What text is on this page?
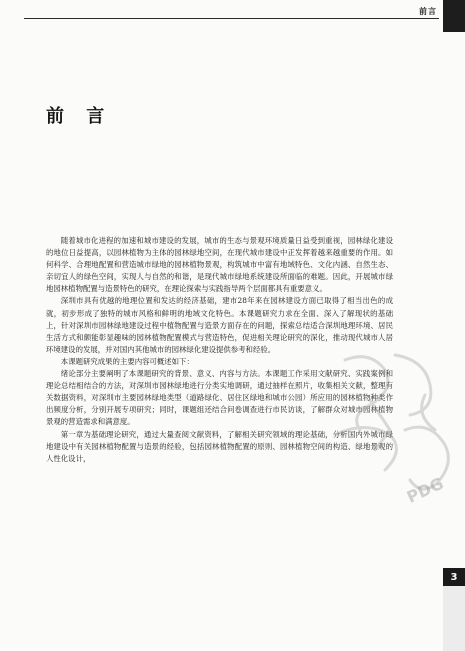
前言
前 言

随着城市化进程的加速和城市建设的发展，城市的生态与景观环境质量日益受到重视，园林绿化建设的地位日益提高，以园林植物为主体的园林绿地空间，在现代城市建设中正发挥着越来越重要的作用。如何科学、合理地配置和营造城市绿地的园林植物景观，构筑城市中富有地域特色、文化内涵、自然生态、亲切宜人的绿色空间，实现人与自然的和谐，是现代城市绿地系统建设所面临的难题。因此，开展城市绿地园林植物配置与造景特色的研究，在理论探索与实践指导两个层面都具有重要意义。

深圳市具有优越的地理位置和发达的经济基础，建市28年来在园林建设方面已取得了相当出色的成就，初步形成了独特的城市风格和鲜明的地域文化特色。本课题研究力求在全面、深入了解现状的基础上，针对深圳市园林绿地建设过程中植物配置与造景方面存在的问题，探索总结适合深圳地理环境、居民生活方式和颇能彰显趣味的园林植物配置模式与营造特色，促进相关理论研究的深化，推动现代城市人居环境建设的发展，并对国内其他城市的园林绿化建设提供参考和经验。

本课题研究成果的主要内容可概述如下：

绪论部分主要阐明了本课题研究的背景、意义、内容与方法。本课题工作采用文献研究、实践案例和理论总结相结合的方法，对深圳市园林绿地进行分类实地调研，通过抽样在照片，收集相关文献，整理有关数据资料，对深圳市主要园林绿地类型（道路绿化、居住区绿地和城市公园）所应用的园林植物种类作出频度分析，分别开展专项研究；同时，课题组还结合问卷调查进行市民访谈，了解群众对城市园林植物景观的营造需求和满意度。

第一章为基础理论研究，通过大量查阅文献资料，了解相关研究领域的理论基础，分析国内外城市绿地建设中有关园林植物配置与造景的经验，包括园林植物配置的原则、园林植物空间的构造、绿地景观的人性化设计，

PDG
3
